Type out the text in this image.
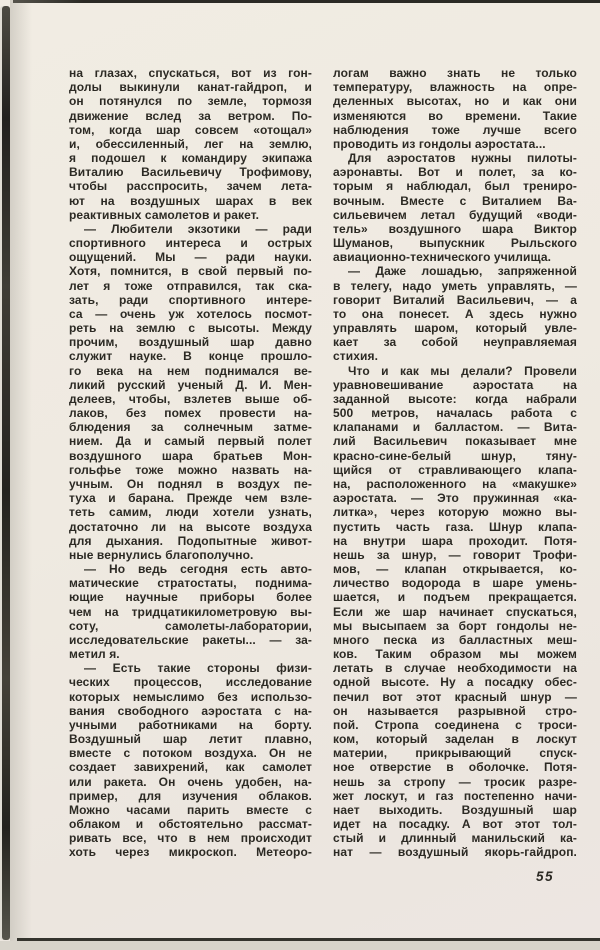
на глазах, спускаться, вот из гон-
долы выкинули канат-гайдроп, и
он потянулся по земле, тормозя
движение вслед за ветром. По-
том, когда шар совсем «отощал»
и, обессиленный, лег на землю,
я подошел к командиру экипажа
Виталию Васильевичу Трофимову,
чтобы расспросить, зачем лета-
ют на воздушных шарах в век
реактивных самолетов и ракет.
— Любители экзотики — ради
спортивного интереса и острых
ощущений. Мы — ради науки.
Хотя, помнится, в свой первый по-
лет я тоже отправился, так ска-
зать, ради спортивного интере-
са — очень уж хотелось посмот-
реть на землю с высоты. Между
прочим, воздушный шар давно
служит науке. В конце прошло-
го века на нем поднимался ве-
ликий русский ученый Д. И. Мен-
делеев, чтобы, взлетев выше об-
лаков, без помех провести на-
блюдения за солнечным затме-
нием. Да и самый первый полет
воздушного шара братьев Мон-
гольфье тоже можно назвать на-
учным. Он поднял в воздух пе-
туха и барана. Прежде чем взле-
теть самим, люди хотели узнать,
достаточно ли на высоте воздуха
для дыхания. Подопытные живот-
ные вернулись благополучно.
— Но ведь сегодня есть авто-
матические стратостаты, поднима-
ющие научные приборы более
чем на тридцатикилометровую вы-
соту, самолеты-лаборатории,
исследовательские ракеты... — за-
метил я.
— Есть такие стороны физи-
ческих процессов, исследование
которых немыслимо без использо-
вания свободного аэростата с на-
учными работниками на борту.
Воздушный шар летит плавно,
вместе с потоком воздуха. Он не
создает завихрений, как самолет
или ракета. Он очень удобен, на-
пример, для изучения облаков.
Можно часами парить вместе с
облаком и обстоятельно рассмат-
ривать все, что в нем происходит
хоть через микроскоп. Метеоро-
логам важно знать не только
температуру, влажность на опре-
деленных высотах, но и как они
изменяются во времени. Такие
наблюдения тоже лучше всего
проводить из гондолы аэростата...
Для аэростатов нужны пилоты-
аэронавты. Вот и полет, за ко-
торым я наблюдал, был трениро-
вочным. Вместе с Виталием Ва-
сильевичем летал будущий «води-
тель» воздушного шара Виктор
Шуманов, выпускник Рыльского
авиационно-технического училища.
— Даже лошадью, запряженной
в телегу, надо уметь управлять, —
говорит Виталий Васильевич, — а
то она понесет. А здесь нужно
управлять шаром, который увле-
кает за собой неуправляемая
стихия.
Что и как мы делали? Провели
уравновешивание аэростата на
заданной высоте: когда набрали
500 метров, началась работа с
клапанами и балластом. — Вита-
лий Васильевич показывает мне
красно-сине-белый шнур, тяну-
щийся от стравливающего клапа-
на, расположенного на «макушке»
аэростата. — Это пружинная «ка-
литка», через которую можно вы-
пустить часть газа. Шнур клапа-
на внутри шара проходит. Потя-
нешь за шнур, — говорит Трофи-
мов, — клапан открывается, ко-
личество водорода в шаре умень-
шается, и подъем прекращается.
Если же шар начинает спускаться,
мы высыпаем за борт гондолы не-
много песка из балластных меш-
ков. Таким образом мы можем
летать в случае необходимости на
одной высоте. Ну а посадку обес-
печил вот этот красный шнур —
он называется разрывной стро-
пой. Стропа соединена с троси-
ком, который заделан в лоскут
материи, прикрывающий спуск-
ное отверстие в оболочке. Потя-
нешь за стропу — тросик разре-
жет лоскут, и газ постепенно начи-
нает выходить. Воздушный шар
идет на посадку. А вот этот тол-
стый и длинный манильский ка-
нат — воздушный якорь-гайдроп.
55
